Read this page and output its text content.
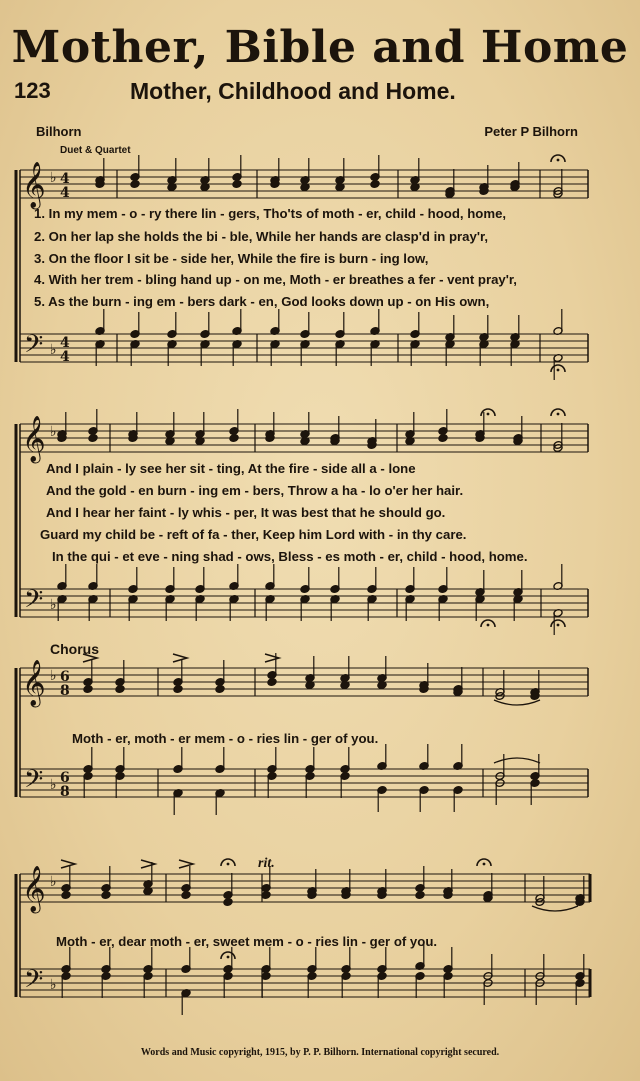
Mother, Bible and Home
123	Mother, Childhood and Home.
Bilhorn	Peter P Bilhorn
Duet & Quartet
𝄞
𝄢
♭
♭
4
4
4
4
𝄞
𝄢
♭
♭
𝄞
𝄢
♭
♭
6
8
6
8
𝄞
𝄢
♭
♭
1. In my mem - o - ry there lin - gers, Tho'ts of moth - er, child - hood, home,
2. On her lap she holds the bi - ble, While her hands are clasp'd in pray'r,
3. On the floor I sit be - side her, While the fire is burn - ing low,
4. With her trem - bling hand up - on me, Moth - er breathes a fer - vent pray'r,
5. As the burn - ing em - bers dark - en, God looks down up - on His own,
And I plain - ly see her sit - ting, At the fire - side all a - lone
And the gold - en burn - ing em - bers, Throw a ha - lo o'er her hair.
And I hear her faint - ly whis - per, It was best that he should go.
Guard my child be - reft of fa - ther, Keep him Lord with - in thy care.
In the qui - et eve - ning shad - ows, Bless - es moth - er, child - hood, home.
Chorus
Moth - er, moth - er mem - o - ries lin - ger of you.
rit.
Moth - er, dear moth - er, sweet mem - o - ries lin - ger of you.
Words and Music copyright, 1915, by P. P. Bilhorn. International copyright secured.
